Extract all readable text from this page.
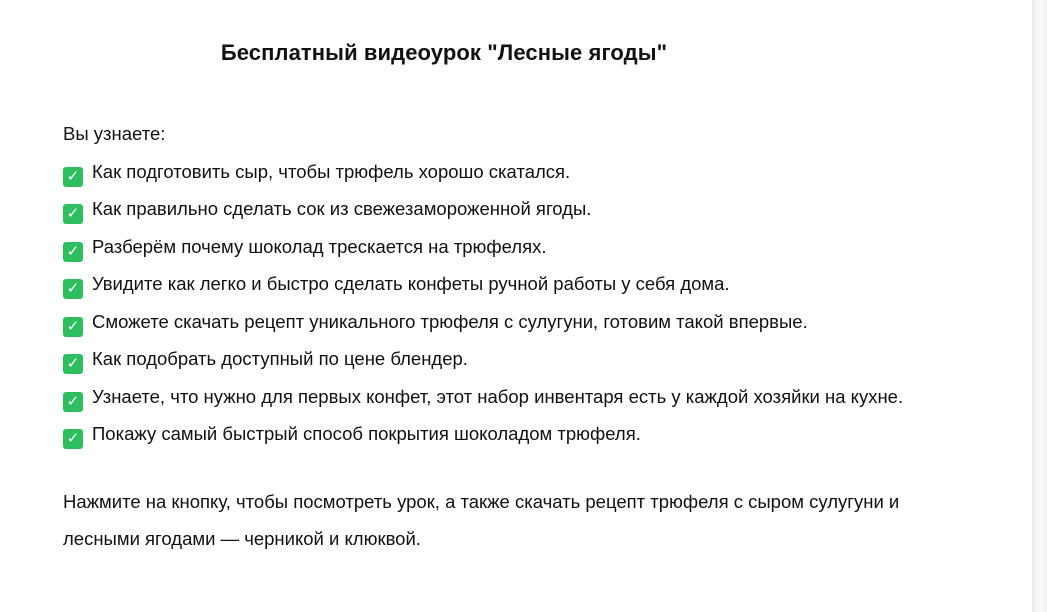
Бесплатный видеоурок "Лесные ягоды"

Вы узнаете:

✓ Как подготовить сыр, чтобы трюфель хорошо скатался.
✓ Как правильно сделать сок из свежезамороженной ягоды.
✓ Разберём почему шоколад трескается на трюфелях.
✓ Увидите как легко и быстро сделать конфеты ручной работы у себя дома.
✓ Сможете скачать рецепт уникального трюфеля с сулугуни, готовим такой впервые.
✓ Как подобрать доступный по цене блендер.
✓ Узнаете, что нужно для первых конфет, этот набор инвентаря есть у каждой хозяйки на кухне.
✓ Покажу самый быстрый способ покрытия шоколадом трюфеля.

Нажмите на кнопку, чтобы посмотреть урок, а также скачать рецепт трюфеля с сыром сулугуни и лесными ягодами — черникой и клюквой.
